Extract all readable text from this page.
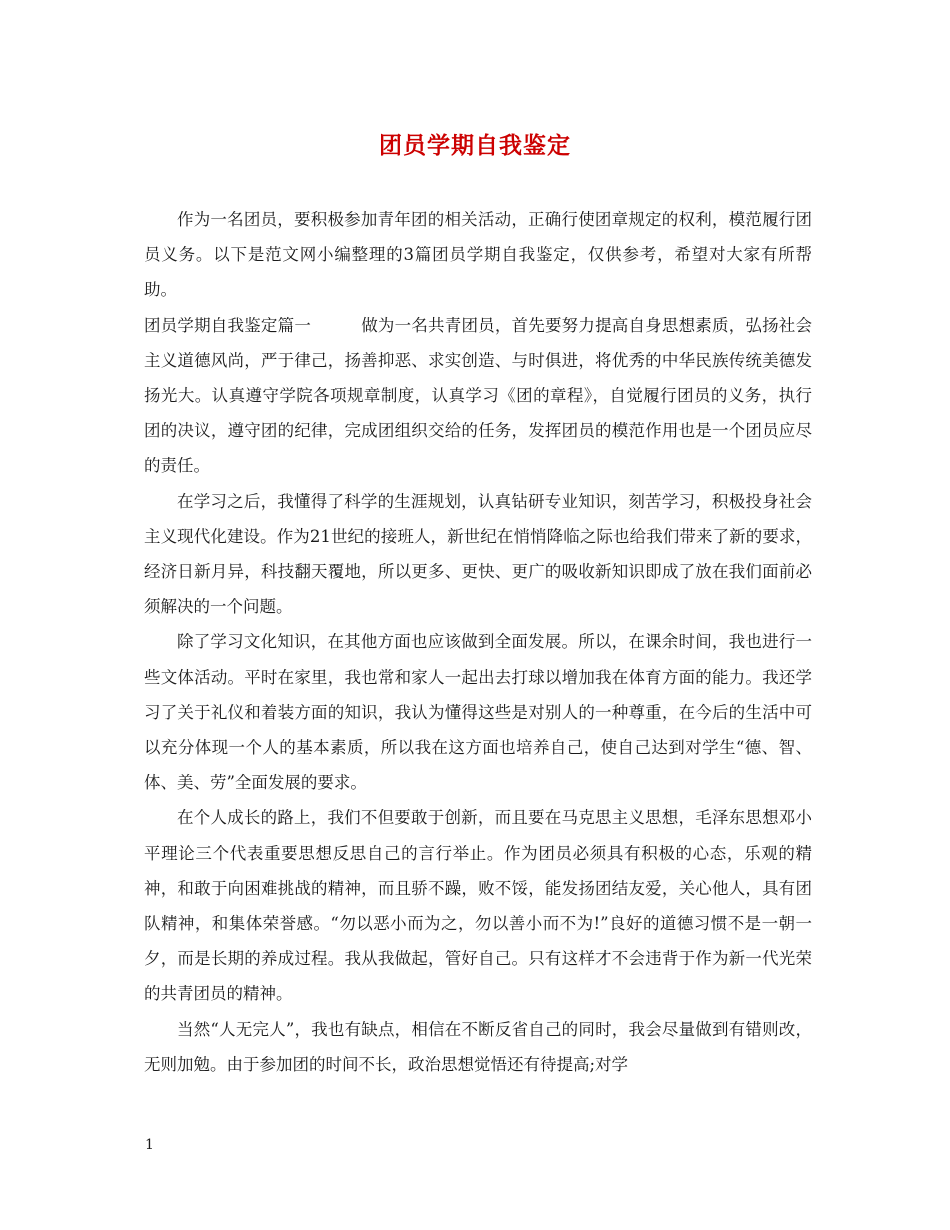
团员学期自我鉴定

作为一名团员，要积极参加青年团的相关活动，正确行使团章规定的权利，模范履行团员义务。以下是范文网小编整理的3篇团员学期自我鉴定，仅供参考，希望对大家有所帮助。

团员学期自我鉴定篇一	做为一名共青团员，首先要努力提高自身思想素质，弘扬社会主义道德风尚，严于律己，扬善抑恶、求实创造、与时俱进，将优秀的中华民族传统美德发扬光大。认真遵守学院各项规章制度，认真学习《团的章程》，自觉履行团员的义务，执行团的决议，遵守团的纪律，完成团组织交给的任务，发挥团员的模范作用也是一个团员应尽的责任。

在学习之后，我懂得了科学的生涯规划，认真钻研专业知识，刻苦学习，积极投身社会主义现代化建设。作为21世纪的接班人，新世纪在悄悄降临之际也给我们带来了新的要求，经济日新月异，科技翻天覆地，所以更多、更快、更广的吸收新知识即成了放在我们面前必须解决的一个问题。

除了学习文化知识，在其他方面也应该做到全面发展。所以，在课余时间，我也进行一些文体活动。平时在家里，我也常和家人一起出去打球以增加我在体育方面的能力。我还学习了关于礼仪和着装方面的知识，我认为懂得这些是对别人的一种尊重，在今后的生活中可以充分体现一个人的基本素质，所以我在这方面也培养自己，使自己达到对学生“德、智、体、美、劳”全面发展的要求。

在个人成长的路上，我们不但要敢于创新，而且要在马克思主义思想，毛泽东思想邓小平理论三个代表重要思想反思自己的言行举止。作为团员必须具有积极的心态，乐观的精神，和敢于向困难挑战的精神，而且骄不躁，败不馁，能发扬团结友爱，关心他人，具有团队精神，和集体荣誉感。“勿以恶小而为之，勿以善小而不为!”良好的道德习惯不是一朝一夕，而是长期的养成过程。我从我做起，管好自己。只有这样才不会违背于作为新一代光荣的共青团员的精神。

当然“人无完人”，我也有缺点，相信在不断反省自己的同时，我会尽量做到有错则改，无则加勉。由于参加团的时间不长，政治思想觉悟还有待提高;对学

1
